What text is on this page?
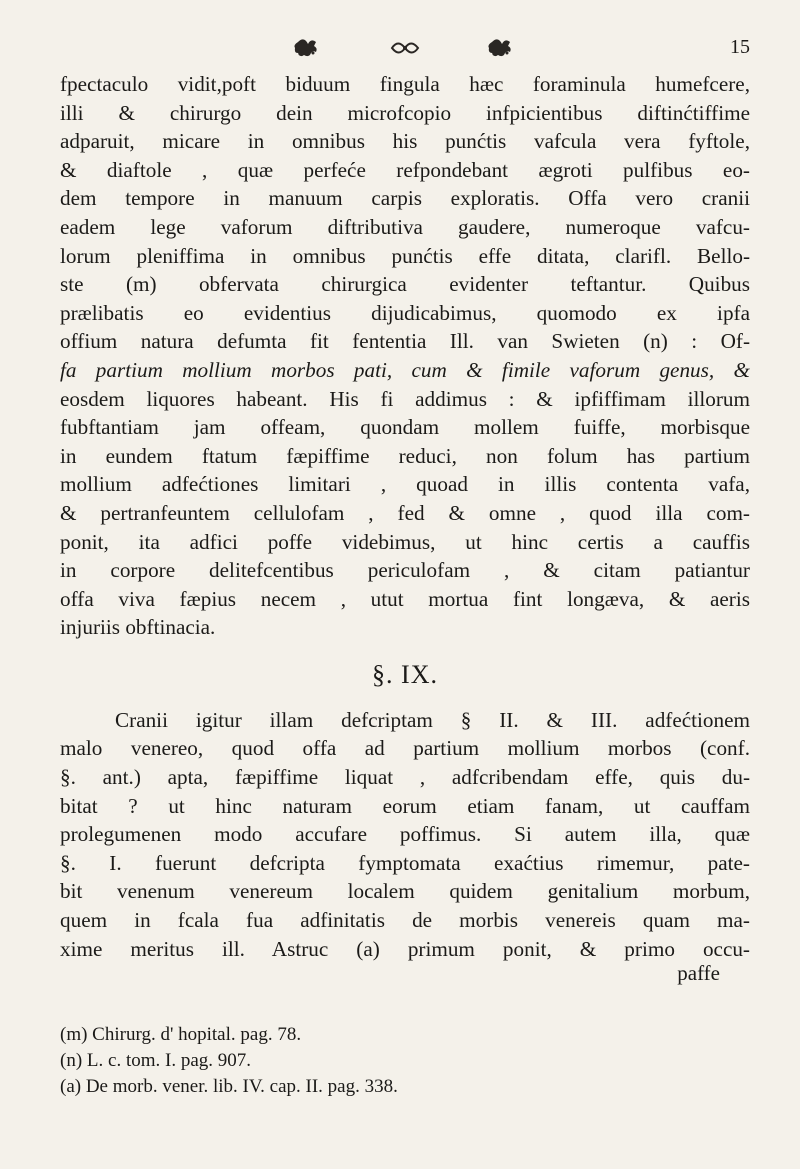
15
fpectaculo vidit,poft biduum fingula hæc foraminula humefcere,
illi & chirurgo dein microfcopio infpicientibus diftinćtiffime
adparuit, micare in omnibus his punćtis vafcula vera fyftole,
& diaftole , quæ perfeće refpondebant ægroti pulfibus eo-
dem tempore in manuum carpis exploratis. Offa vero cranii
eadem lege vaforum diftributiva gaudere, numeroque vafcu-
lorum pleniffima in omnibus punćtis effe ditata, clarifl. Bello-
ste (m) obfervata chirurgica evidenter teftantur. Quibus
prælibatis eo evidentius dijudicabimus, quomodo ex ipfa
offium natura defumta fit fententia Ill. van Swieten (n) : Of-
fa partium mollium morbos pati, cum & fimile vaforum genus, &
eosdem liquores habeant. His fi addimus : & ipfiffimam illorum
fubftantiam jam offeam, quondam mollem fuiffe, morbisque
in eundem ftatum fæpiffime reduci, non folum has partium
mollium adfećtiones limitari , quoad in illis contenta vafa,
& pertranfeuntem cellulofam , fed & omne , quod illa com-
ponit, ita adfici poffe videbimus, ut hinc certis a cauffis
in corpore delitefcentibus periculofam , & citam patiantur
offa viva fæpius necem , utut mortua fint longæva, & aeris
injuriis obftinacia.
§. IX.
Cranii igitur illam defcriptam § II. & III. adfećtionem
malo venereo, quod offa ad partium mollium morbos (conf.
§. ant.) apta, fæpiffime liquat , adfcribendam effe, quis du-
bitat ? ut hinc naturam eorum etiam fanam, ut cauffam
prolegumenen modo accufare poffimus. Si autem illa, quæ
§. I. fuerunt defcripta fymptomata exaćtius rimemur, pate-
bit venenum venereum localem quidem genitalium morbum,
quem in fcala fua adfinitatis de morbis venereis quam ma-
xime meritus ill. Astruc (a) primum ponit, & primo occu-
paffe
(m) Chirurg. d' hopital. pag. 78.
(n) L. c. tom. I. pag. 907.
(a) De morb. vener. lib. IV. cap. II. pag. 338.
